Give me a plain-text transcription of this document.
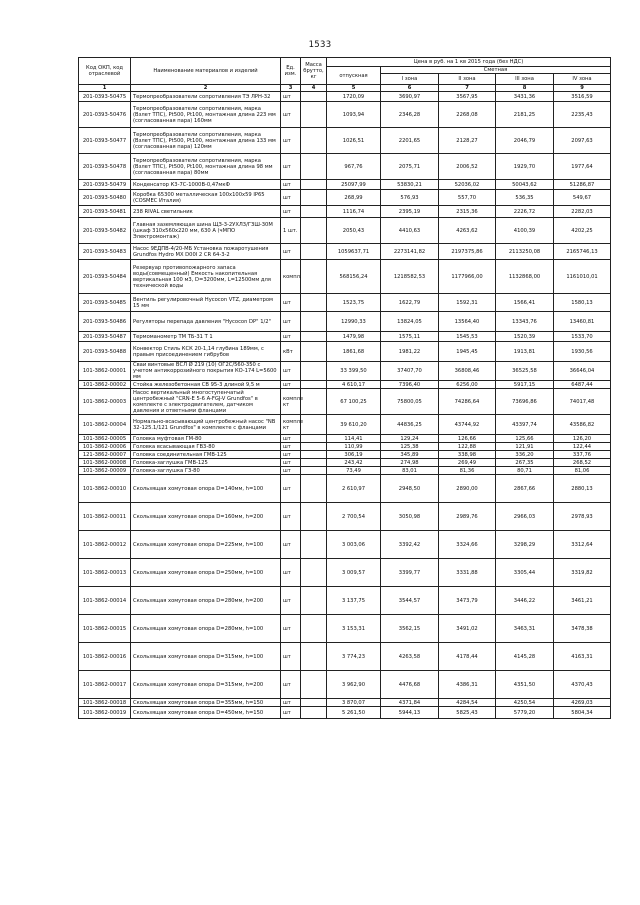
1533
Код ОКП, код отраслевой	Наименование материалов и изделий	Ед. изм.	Масса брутто, кг	Цена в руб. на 1 кв 2015 года (без НДС)				
				отпускная	Сметная			
					I зона	II зона	III зона	IV зона

1	2	3	4	5	6	7	8	9
201-0393-50475	Термопреобразователи сопротивления ТЭ ЛРН-32	шт		1720,09	3690,97	3567,95	3431,36	3516,59
201-0393-50476	Термопреобразователи сопротивления, марка (Взлет ТПС), Pt500, Pt100, монтажная длина 223 мм (согласованная пара) 160мм	шт		1093,94	2346,28	2268,08	2181,25	2235,43
201-0393-50477	Термопреобразователи сопротивления, марка (Взлет ТПС), Pt500, Pt100, монтажная длина 133 мм (согласованная пара) 120мм	шт		1026,51	2201,65	2128,27	2046,79	2097,63
201-0393-50478	Термопреобразователи сопротивления, марка (Взлет ТПС), Pt500, Pt100, монтажная длина 98 мм (согласованная пара) 80мм	шт		967,76	2075,71	2006,52	1929,70	1977,64
201-0393-50479	Конденсатор К3-7С-1000В-0,47мкФ	шт		25097,99	53830,21	52036,02	50043,62	51286,87
201-0393-50480	Коробка 65300 металлическая 100х100х59 IP65 (COSMEC Италия)	шт		268,99	576,93	557,70	536,35	549,67
201-0393-50481	238 RIVAL светильник	шт		1116,74	2395,19	2315,36	2226,72	2282,03
201-0393-50482	Главная заземляющая шина ЩЗ-3-2УХЛ3/ГЗШ-30М (шкаф 310х560х220 мм, 630 А (чМПО Электромонтаж)	1 шт.		2050,43	4410,63	4263,62	4100,39	4202,25
201-0393-50483	Насос 9ЕДПВ-4/20-МБ Установка пожаротушения Grundfos Hydro MX D00I 2 CR 64-3-2	шт		1059637,71	2273141,82	2197375,86	2113250,08	2165746,13
201-0393-50484	Резервуар противопожарного запаса воды(совмещенный) Емкость накопительная вертикальная 100 м3, D=3200мм, L=12500мм для технической воды	компл.		568156,24	1218582,53	1177966,00	1132868,00	1161010,01
201-0393-50485	Вентиль регулировочный Hycocon VTZ, диаметром 15 мм	шт		1523,75	1622,79	1592,31	1566,41	1580,13
201-0393-50486	Регуляторы перепада давления "Hycocon DP" 1/2"	шт		12990,33	13824,05	13564,40	13343,76	13460,81
201-0393-50487	Термоманометр ТМ ТБ-31 Т 1	шт		1479,98	1575,11	1545,53	1520,39	1533,70
201-0393-50488	Конвектор Стиль КСК 20-1,14 глубина 189мм, с правым присоединением гибрубов	кВт		1861,68	1981,22	1945,45	1913,81	1930,56
101-3862-00001	Сваи винтовые ВСЛ Ø 219 (10) ОГ2С/560-350 с учетом антикоррозийного покрытия КО-174 L=5600 мм	шт		33 399,50	37407,70	36808,46	36525,58	36646,04
101-3862-00002	Стойка железобетонная СВ 95-3 длиной 9,5 м	шт		4 610,17	7396,40	6256,00	5917,15	6487,44
101-3862-00003	Насос вертикальный многоступенчатый центробежный "CRN-E 5-6 A-FGJ-V Grundfos" в комплекте с электродвигателем, датчиком давления и ответными фланцами	компле кт		67 100,25	75800,05	74286,64	73696,86	74017,48
101-3862-00004	Нормально-всасывающий центробежный насос "NB 32-125.1/121 Grundfos" в комплекте с фланцами	компле кт		39 610,20	44836,25	43744,92	43397,74	43586,82
101-3862-00005	Головка муфтовая ГМ-80	шт		114,41	129,24	126,66	125,66	126,20
101-3862-00006	Головка всасывающая ГВ3-80	шт		110,99	125,38	122,88	121,91	122,44
121-3862-00007	Головка соединительная ГМВ-125	шт		306,19	345,89	338,98	336,20	337,76
101-3862-00008	Головка-заглушка ГМВ-125	шт		243,42	274,98	269,49	267,35	268,52
101-3862-00009	Головка-заглушка ГЗ-80	шт		73,49	83,01	81,36	80,71	81,06
101-3862-00010	Скользящая хомутовая опора D=140мм, h=100	шт		2 610,97	2948,50	2890,00	2867,66	2880,13
101-3862-00011	Скользящая хомутовая опора D=160мм, h=200	шт		2 700,54	3050,98	2989,76	2966,03	2978,93
101-3862-00012	Скользящая хомутовая опора D=225мм, h=100	шт		3 003,06	3392,42	3324,66	3298,29	3312,64
101-3862-00013	Скользящая хомутовая опора D=250мм, h=100	шт		3 009,57	3399,77	3331,88	3305,44	3319,82
101-3862-00014	Скользящая хомутовая опора D=280мм, h=200	шт		3 137,75	3544,57	3473,79	3446,22	3461,21
101-3862-00015	Скользящая хомутовая опора D=280мм, h=100	шт		3 153,31	3562,15	3491,02	3463,31	3478,38
101-3862-00016	Скользящая хомутовая опора D=315мм, h=100	шт		3 774,23	4263,58	4178,44	4145,28	4163,31
101-3862-00017	Скользящая хомутовая опора D=315мм, h=200	шт		3 962,90	4476,68	4386,31	4351,50	4370,43
101-3862-00018	Скользящая хомутовая опора D=355мм, h=150	шт		3 870,07	4371,84	4284,54	4250,54	4269,03
101-3862-00019	Скользящая хомутовая опора D=450мм, h=150	шт		5 261,50	5944,13	5825,43	5779,20	5804,34
